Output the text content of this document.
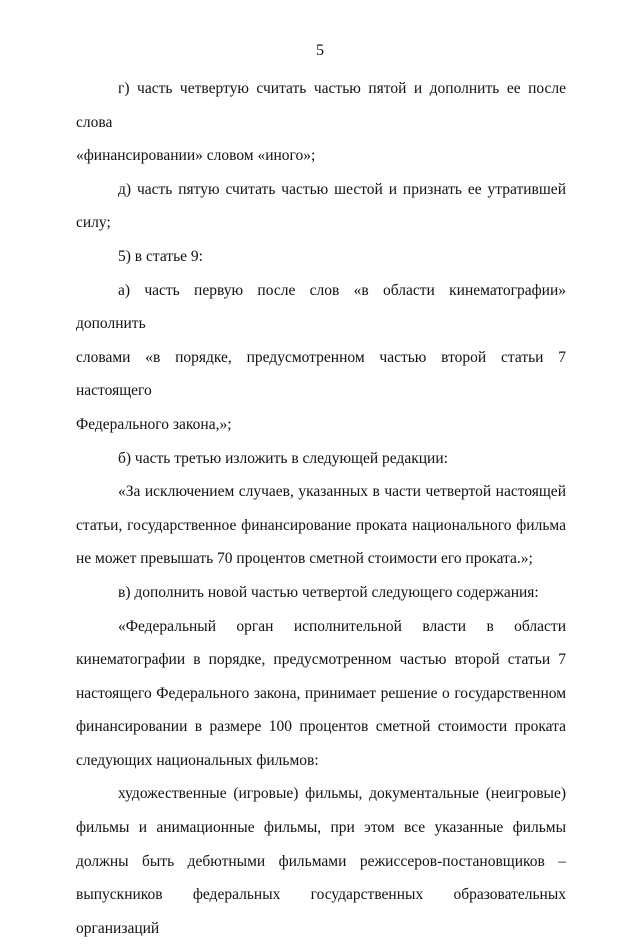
5
г) часть четвертую считать частью пятой и дополнить ее после слова
«финансировании» словом «иного»;
д) часть пятую считать частью шестой и признать ее утратившей
силу;
5) в статье 9:
а) часть первую после слов «в области кинематографии» дополнить
словами «в порядке, предусмотренном частью второй статьи 7 настоящего
Федерального закона,»;
б) часть третью изложить в следующей редакции:
«За исключением случаев, указанных в части четвертой настоящей
статьи, государственное финансирование проката национального фильма
не может превышать 70 процентов сметной стоимости его проката.»;
в) дополнить новой частью четвертой следующего содержания:
«Федеральный орган исполнительной власти в области
кинематографии в порядке, предусмотренном частью второй статьи 7
настоящего Федерального закона, принимает решение о государственном
финансировании в размере 100 процентов сметной стоимости проката
следующих национальных фильмов:
художественные (игровые) фильмы, документальные (неигровые)
фильмы и анимационные фильмы, при этом все указанные фильмы
должны быть дебютными фильмами режиссеров-постановщиков –
выпускников федеральных государственных образовательных организаций
